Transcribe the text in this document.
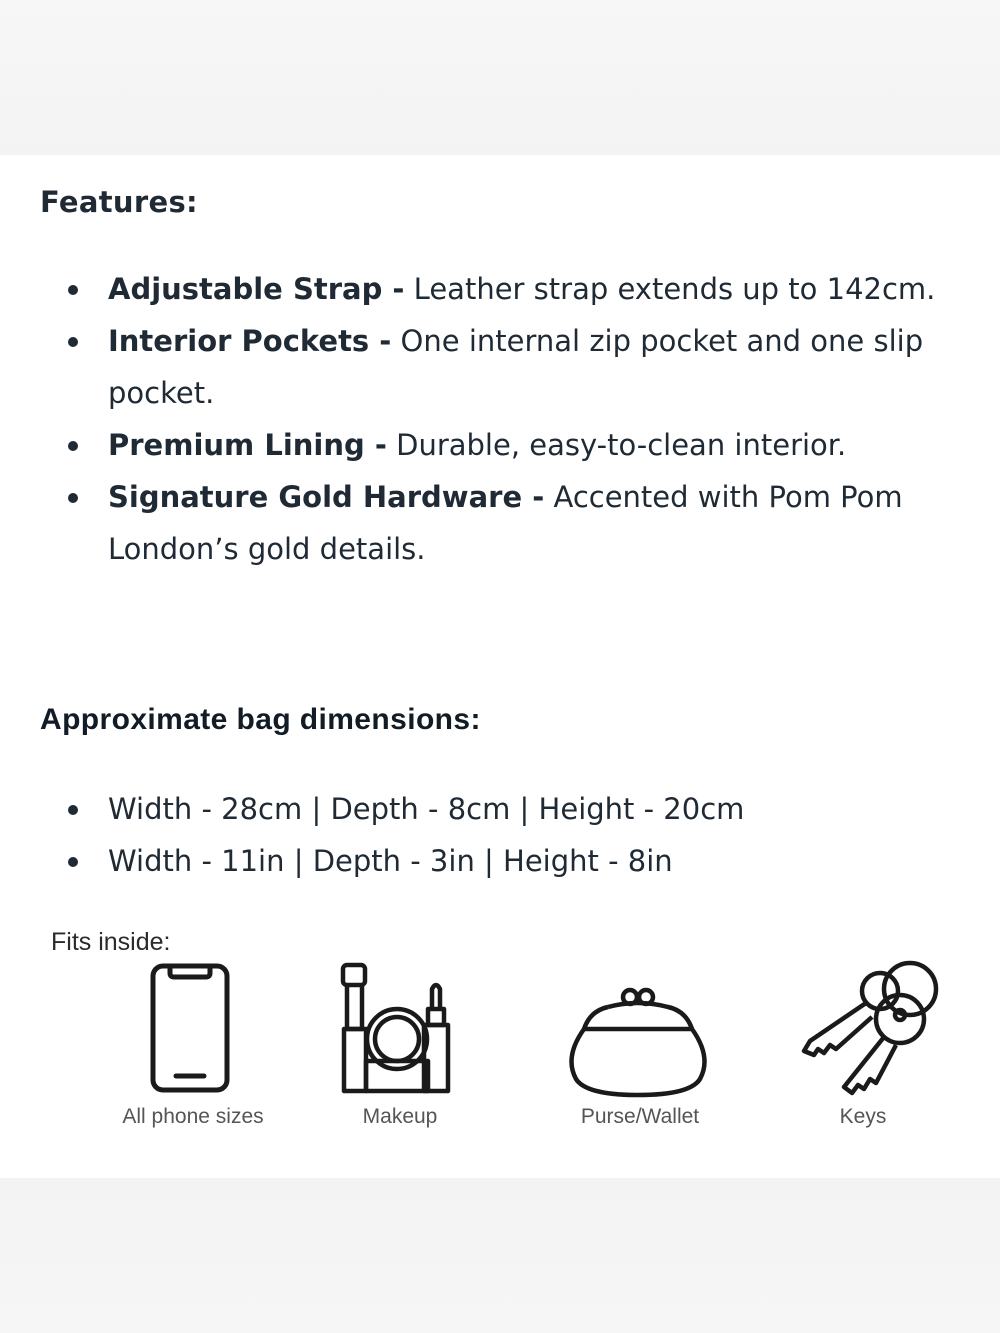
Features:
Adjustable Strap - Leather strap extends up to 142cm.
Interior Pockets - One internal zip pocket and one slip pocket.
Premium Lining - Durable, easy-to-clean interior.
Signature Gold Hardware - Accented with Pom Pom London’s gold details.
Approximate bag dimensions:
Width - 28cm | Depth - 8cm | Height - 20cm
Width - 11in | Depth - 3in | Height - 8in
Fits inside:
All phone sizes	Makeup	Purse/Wallet	Keys
